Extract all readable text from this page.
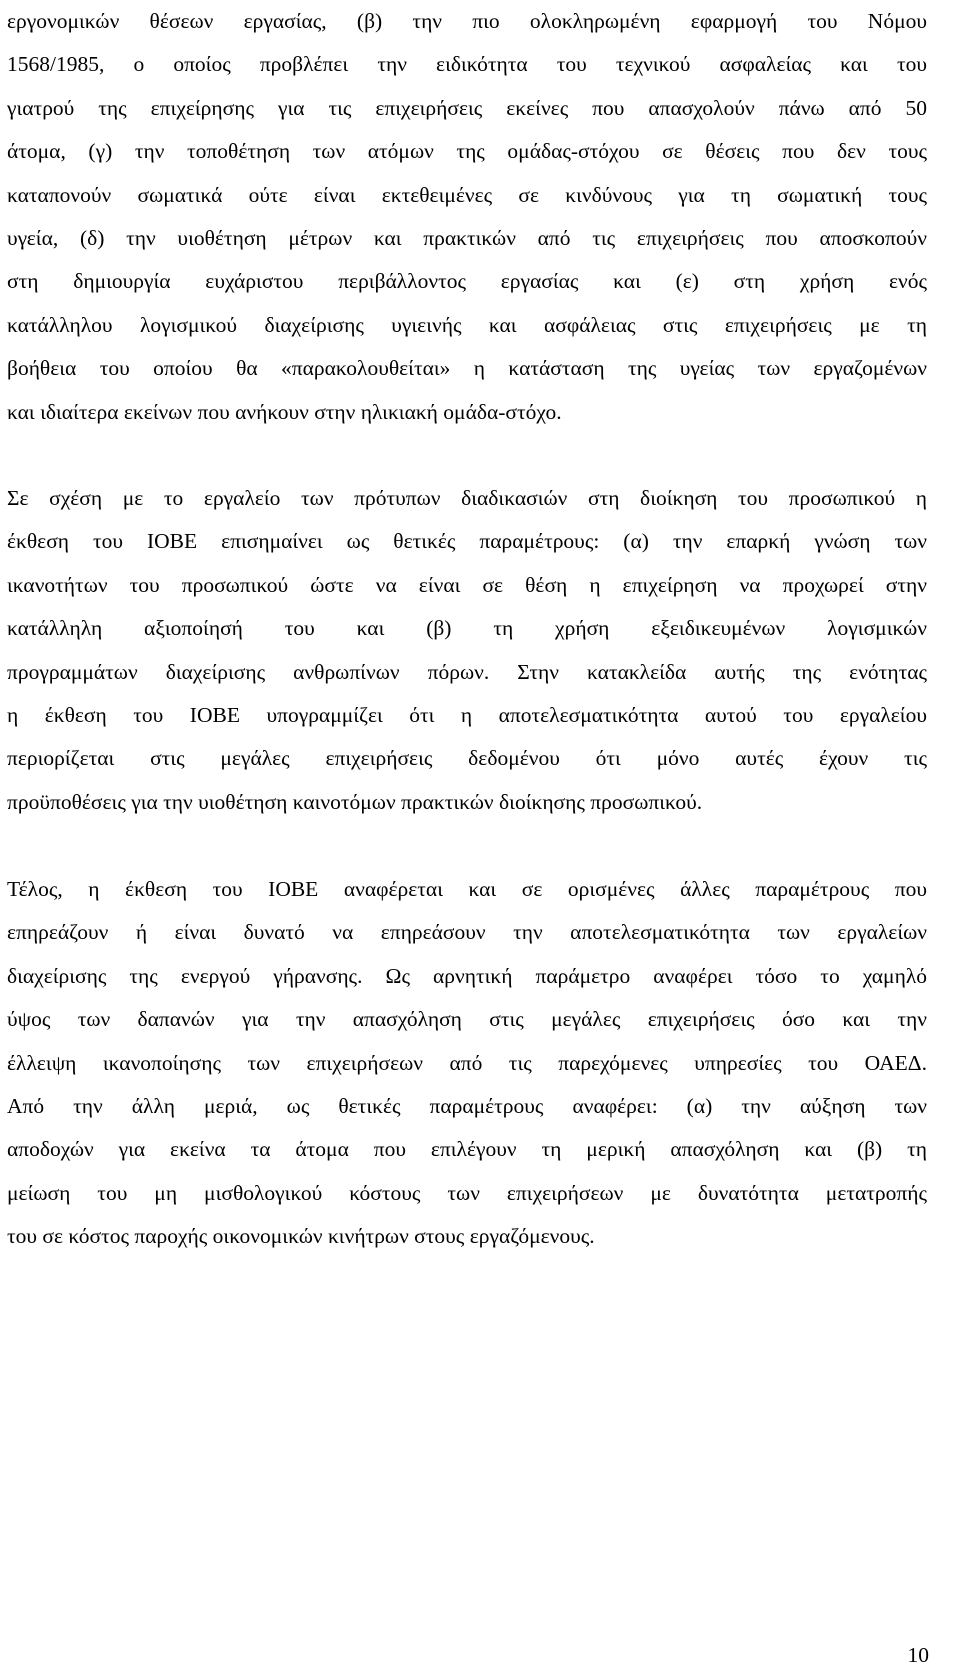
εργονομικών θέσεων εργασίας, (β) την πιο ολοκληρωμένη εφαρμογή του Νόμου
1568/1985, ο οποίος προβλέπει την ειδικότητα του τεχνικού ασφαλείας και του
γιατρού της επιχείρησης για τις επιχειρήσεις εκείνες που απασχολούν πάνω από 50
άτομα, (γ) την τοποθέτηση των ατόμων της ομάδας-στόχου σε θέσεις που δεν τους
καταπονούν σωματικά ούτε είναι εκτεθειμένες σε κινδύνους για τη σωματική τους
υγεία, (δ) την υιοθέτηση μέτρων και πρακτικών από τις επιχειρήσεις που αποσκοπούν
στη δημιουργία ευχάριστου περιβάλλοντος εργασίας και (ε) στη χρήση ενός
κατάλληλου λογισμικού διαχείρισης υγιεινής και ασφάλειας στις επιχειρήσεις με τη
βοήθεια του οποίου θα «παρακολουθείται» η κατάσταση της υγείας των εργαζομένων
και ιδιαίτερα εκείνων που ανήκουν στην ηλικιακή ομάδα-στόχο.
Σε σχέση με το εργαλείο των πρότυπων διαδικασιών στη διοίκηση του προσωπικού η
έκθεση του ΙΟΒΕ επισημαίνει ως θετικές παραμέτρους: (α) την επαρκή γνώση των
ικανοτήτων του προσωπικού ώστε να είναι σε θέση η επιχείρηση να προχωρεί στην
κατάλληλη αξιοποίησή του και (β) τη χρήση εξειδικευμένων λογισμικών
προγραμμάτων διαχείρισης ανθρωπίνων πόρων. Στην κατακλείδα αυτής της ενότητας
η έκθεση του ΙΟΒΕ υπογραμμίζει ότι η αποτελεσματικότητα αυτού του εργαλείου
περιορίζεται στις μεγάλες επιχειρήσεις δεδομένου ότι μόνο αυτές έχουν τις
προϋποθέσεις για την υιοθέτηση καινοτόμων πρακτικών διοίκησης προσωπικού.
Τέλος, η έκθεση του ΙΟΒΕ αναφέρεται και σε ορισμένες άλλες παραμέτρους που
επηρεάζουν ή είναι δυνατό να επηρεάσουν την αποτελεσματικότητα των εργαλείων
διαχείρισης της ενεργού γήρανσης. Ως αρνητική παράμετρο αναφέρει τόσο το χαμηλό
ύψος των δαπανών για την απασχόληση στις μεγάλες επιχειρήσεις όσο και την
έλλειψη ικανοποίησης των επιχειρήσεων από τις παρεχόμενες υπηρεσίες του ΟΑΕΔ.
Από την άλλη μεριά, ως θετικές παραμέτρους αναφέρει: (α) την αύξηση των
αποδοχών για εκείνα τα άτομα που επιλέγουν τη μερική απασχόληση και (β) τη
μείωση του μη μισθολογικού κόστους των επιχειρήσεων με δυνατότητα μετατροπής
του σε κόστος παροχής οικονομικών κινήτρων στους εργαζόμενους.
10
